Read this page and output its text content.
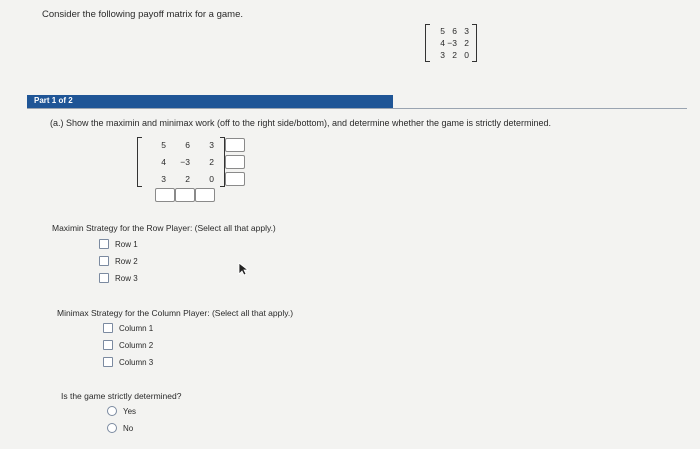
Consider the following payoff matrix for a game.
5 6 3
4 −3 2
3 2 0
Part 1 of 2
(a.) Show the maximin and minimax work (off to the right side/bottom), and determine whether the game is strictly determined.
5	6	3
4	−3	2
3	2	0
Maximin Strategy for the Row Player: (Select all that apply.)
Row 1
Row 2
Row 3
Minimax Strategy for the Column Player: (Select all that apply.)
Column 1
Column 2
Column 3
Is the game strictly determined?
Yes
No
